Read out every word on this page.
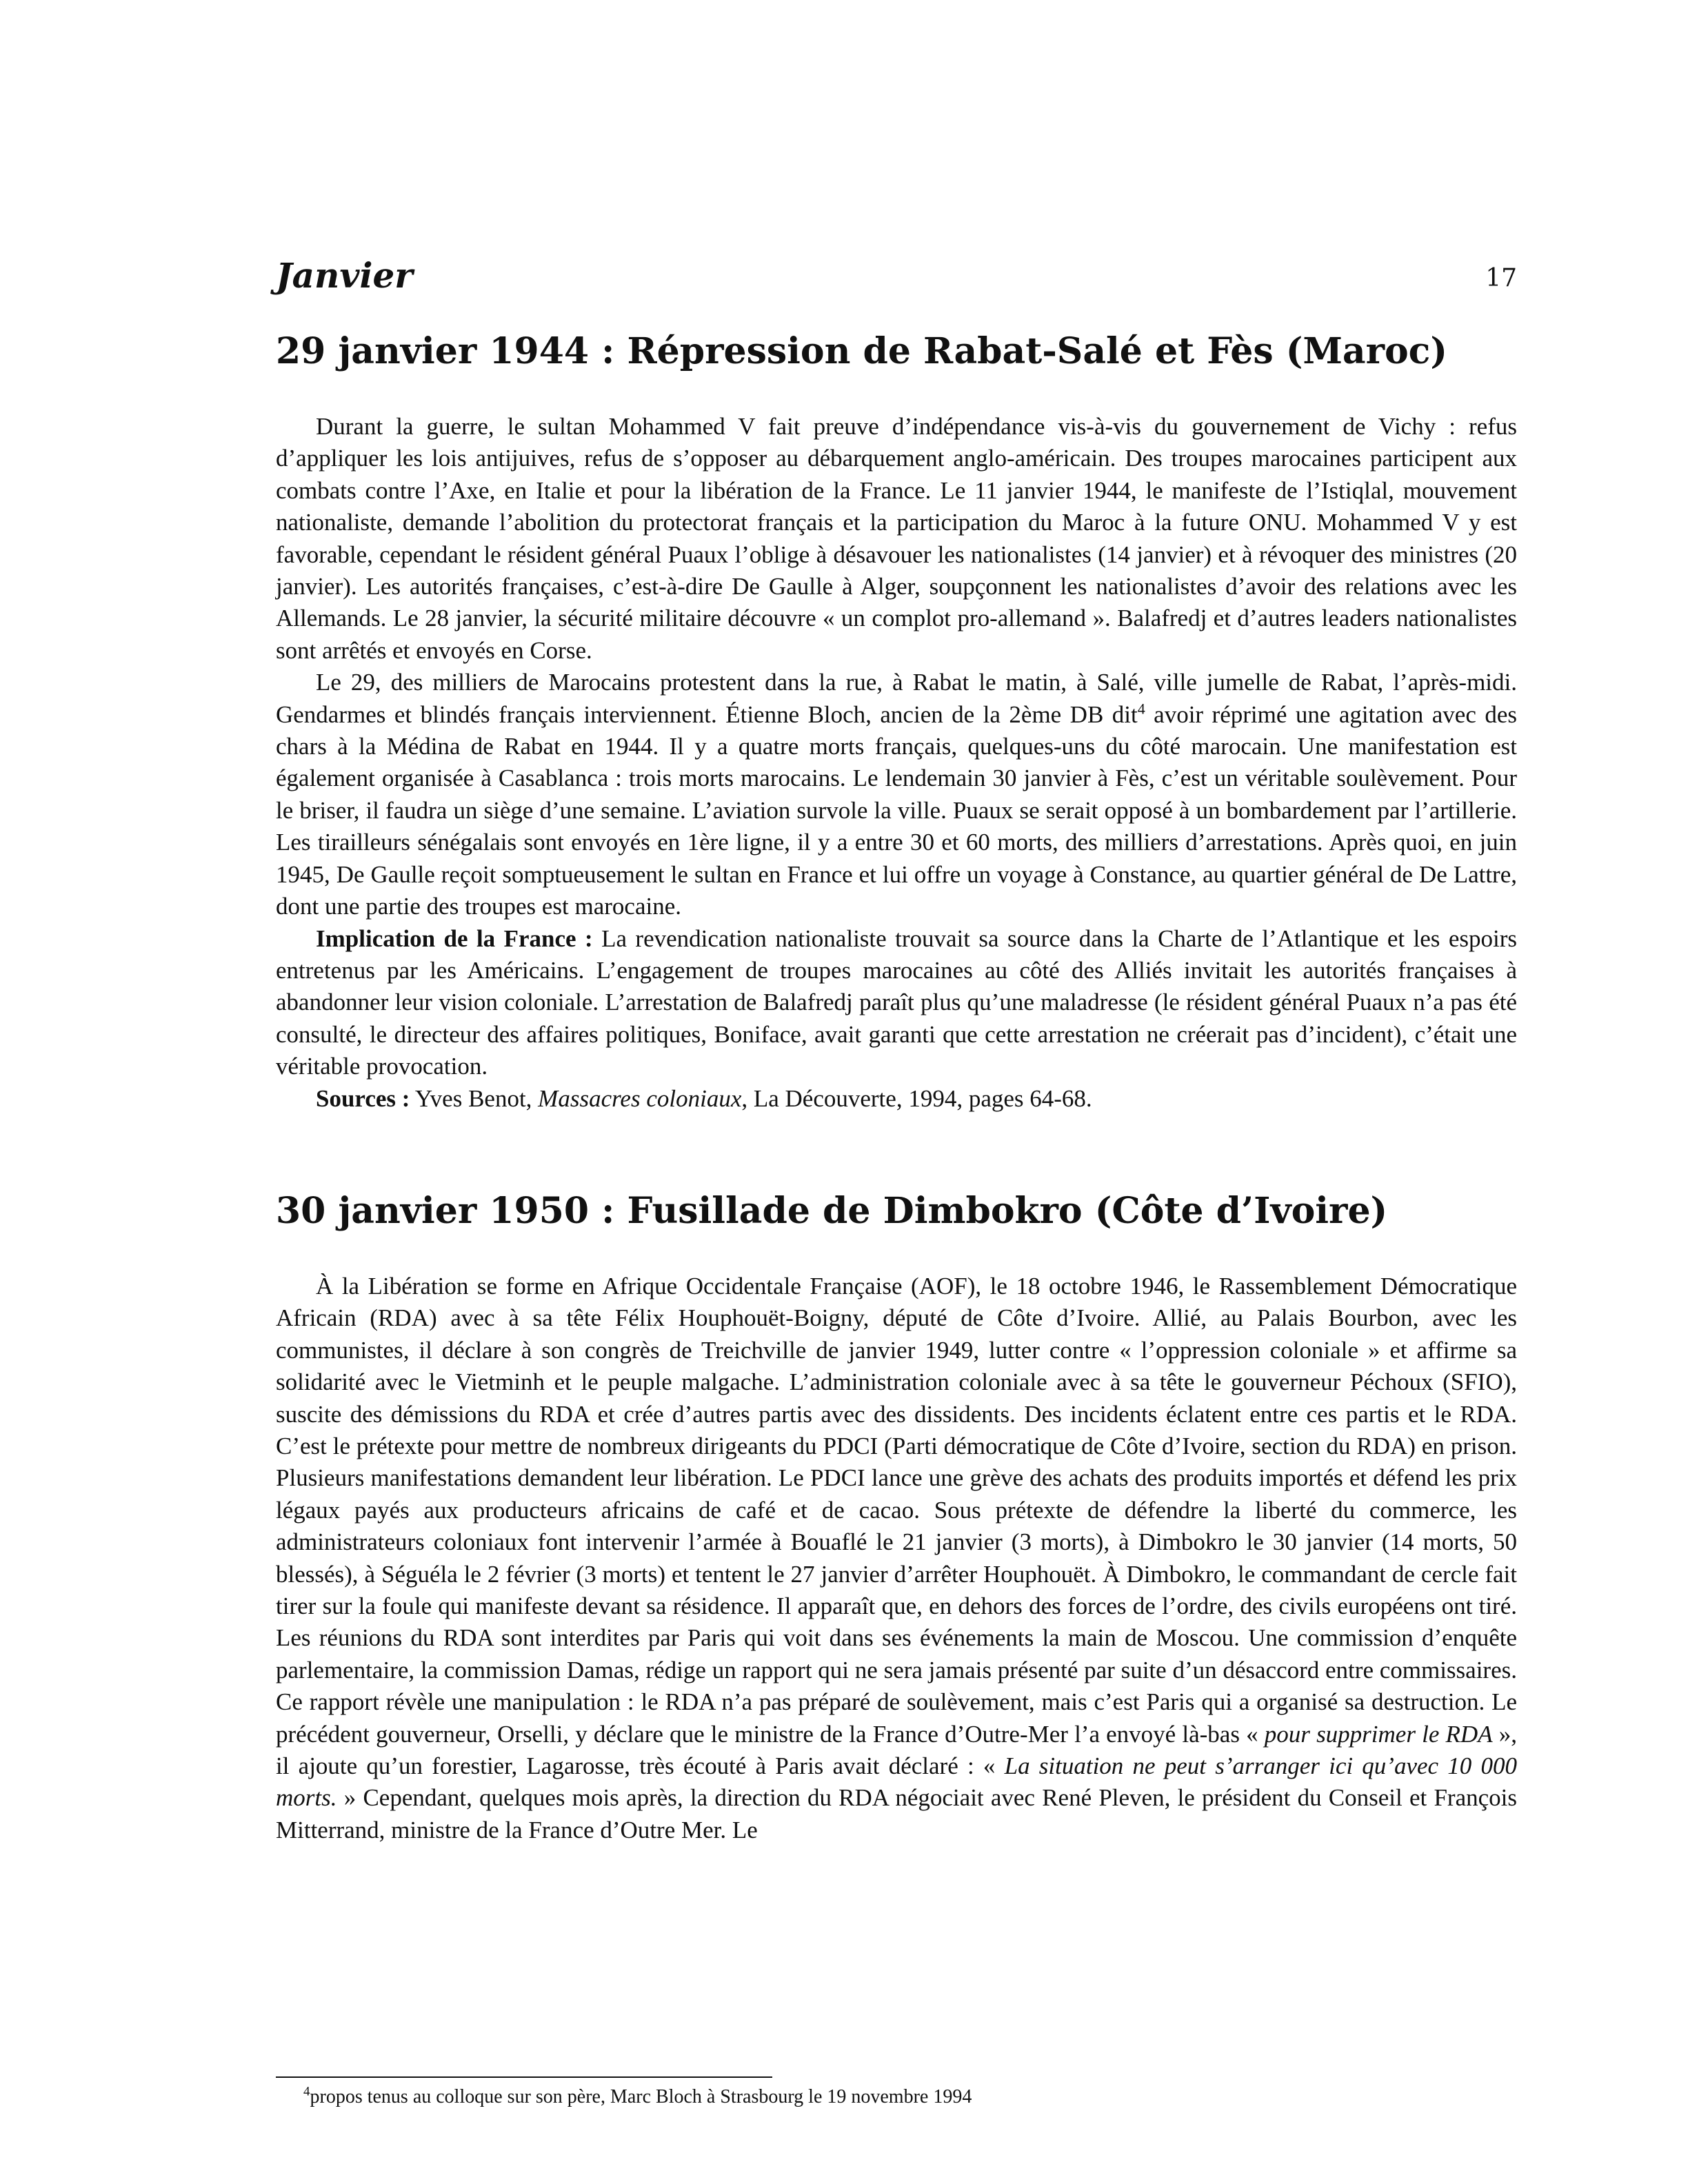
Janvier	17
29 janvier 1944 : Répression de Rabat-Salé et Fès (Maroc)

Durant la guerre, le sultan Mohammed V fait preuve d’indépendance vis-à-vis du gouvernement de Vichy : refus d’appliquer les lois antijuives, refus de s’opposer au débarquement anglo-américain. Des troupes marocaines participent aux combats contre l’Axe, en Italie et pour la libération de la France. Le 11 janvier 1944, le manifeste de l’Istiqlal, mouvement nationaliste, demande l’abolition du protectorat français et la participation du Maroc à la future ONU. Mohammed V y est favorable, cependant le résident général Puaux l’oblige à désavouer les nationalistes (14 janvier) et à révoquer des ministres (20 janvier). Les autorités françaises, c’est-à-dire De Gaulle à Alger, soupçonnent les nationalistes d’avoir des relations avec les Allemands. Le 28 janvier, la sécurité militaire découvre « un complot pro-allemand ». Balafredj et d’autres leaders nationalistes sont arrêtés et envoyés en Corse.

Le 29, des milliers de Marocains protestent dans la rue, à Rabat le matin, à Salé, ville jumelle de Rabat, l’après-midi. Gendarmes et blindés français interviennent. Étienne Bloch, ancien de la 2ème DB dit$^4$ avoir réprimé une agitation avec des chars à la Médina de Rabat en 1944. Il y a quatre morts français, quelques-uns du côté marocain. Une manifestation est également organisée à Casablanca : trois morts marocains. Le lendemain 30 janvier à Fès, c’est un véritable soulèvement. Pour le briser, il faudra un siège d’une semaine. L’aviation survole la ville. Puaux se serait opposé à un bombardement par l’artillerie. Les tirailleurs sénégalais sont envoyés en 1ère ligne, il y a entre 30 et 60 morts, des milliers d’arrestations. Après quoi, en juin 1945, De Gaulle reçoit somptueusement le sultan en France et lui offre un voyage à Constance, au quartier général de De Lattre, dont une partie des troupes est marocaine.

Implication de la France : La revendication nationaliste trouvait sa source dans la Charte de l’Atlantique et les espoirs entretenus par les Américains. L’engagement de troupes marocaines au côté des Alliés invitait les autorités françaises à abandonner leur vision coloniale. L’arrestation de Balafredj paraît plus qu’une maladresse (le résident général Puaux n’a pas été consulté, le directeur des affaires politiques, Boniface, avait garanti que cette arrestation ne créerait pas d’incident), c’était une véritable provocation.

Sources : Yves Benot, Massacres coloniaux, La Découverte, 1994, pages 64-68.

30 janvier 1950 : Fusillade de Dimbokro (Côte d’Ivoire)

À la Libération se forme en Afrique Occidentale Française (AOF), le 18 octobre 1946, le Rassemblement Démocratique Africain (RDA) avec à sa tête Félix Houphouët-Boigny, député de Côte d’Ivoire. Allié, au Palais Bourbon, avec les communistes, il déclare à son congrès de Treichville de janvier 1949, lutter contre « l’oppression coloniale » et affirme sa solidarité avec le Vietminh et le peuple malgache. L’administration coloniale avec à sa tête le gouverneur Péchoux (SFIO), suscite des démissions du RDA et crée d’autres partis avec des dissidents. Des incidents éclatent entre ces partis et le RDA. C’est le prétexte pour mettre de nombreux dirigeants du PDCI (Parti démocratique de Côte d’Ivoire, section du RDA) en prison. Plusieurs manifestations demandent leur libération. Le PDCI lance une grève des achats des produits importés et défend les prix légaux payés aux producteurs africains de café et de cacao. Sous prétexte de défendre la liberté du commerce, les administrateurs coloniaux font intervenir l’armée à Bouaflé le 21 janvier (3 morts), à Dimbokro le 30 janvier (14 morts, 50 blessés), à Séguéla le 2 février (3 morts) et tentent le 27 janvier d’arrêter Houphouët. À Dimbokro, le commandant de cercle fait tirer sur la foule qui manifeste devant sa résidence. Il apparaît que, en dehors des forces de l’ordre, des civils européens ont tiré. Les réunions du RDA sont interdites par Paris qui voit dans ses événements la main de Moscou. Une commission d’enquête parlementaire, la commission Damas, rédige un rapport qui ne sera jamais présenté par suite d’un désaccord entre commissaires. Ce rapport révèle une manipulation : le RDA n’a pas préparé de soulèvement, mais c’est Paris qui a organisé sa destruction. Le précédent gouverneur, Orselli, y déclare que le ministre de la France d’Outre-Mer l’a envoyé là-bas « pour supprimer le RDA », il ajoute qu’un forestier, Lagarosse, très écouté à Paris avait déclaré : « La situation ne peut s’arranger ici qu’avec 10 000 morts. » Cependant, quelques mois après, la direction du RDA négociait avec René Pleven, le président du Conseil et François Mitterrand, ministre de la France d’Outre Mer. Le

$^4$propos tenus au colloque sur son père, Marc Bloch à Strasbourg le 19 novembre 1994
